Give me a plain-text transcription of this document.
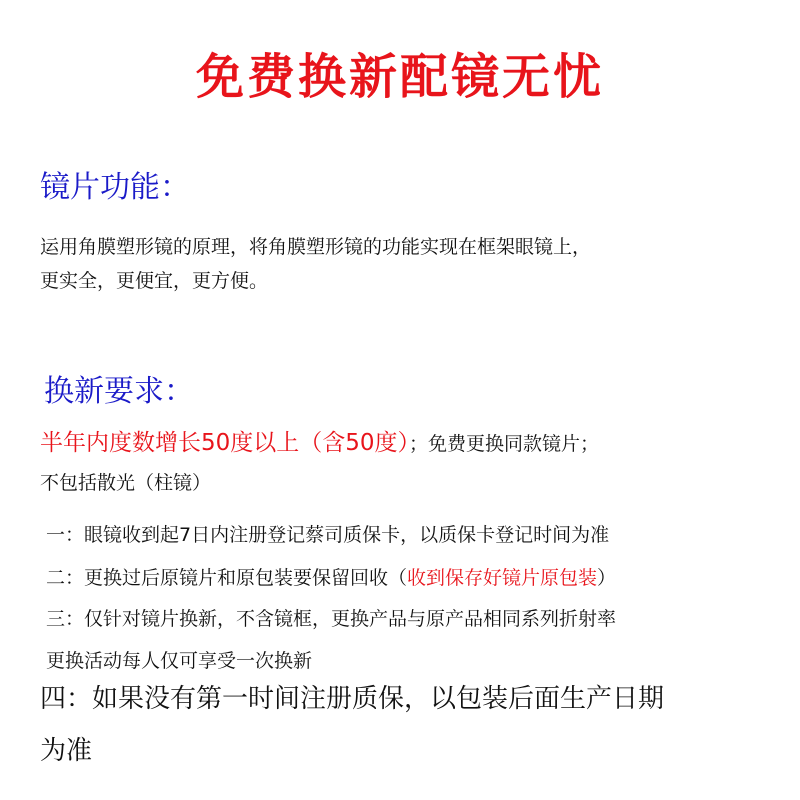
免费换新配镜无忧
镜片功能：
运用角膜塑形镜的原理，将角膜塑形镜的功能实现在框架眼镜上，
更实全，更便宜，更方便。
换新要求：
半年内度数增长50度以上（含50度）；免费更换同款镜片；
不包括散光（柱镜）
一：眼镜收到起7日内注册登记蔡司质保卡，以质保卡登记时间为准
二：更换过后原镜片和原包装要保留回收（收到保存好镜片原包装）
三：仅针对镜片换新，不含镜框，更换产品与原产品相同系列折射率
更换活动每人仅可享受一次换新
四：如果没有第一时间注册质保，以包装后面生产日期
为准
